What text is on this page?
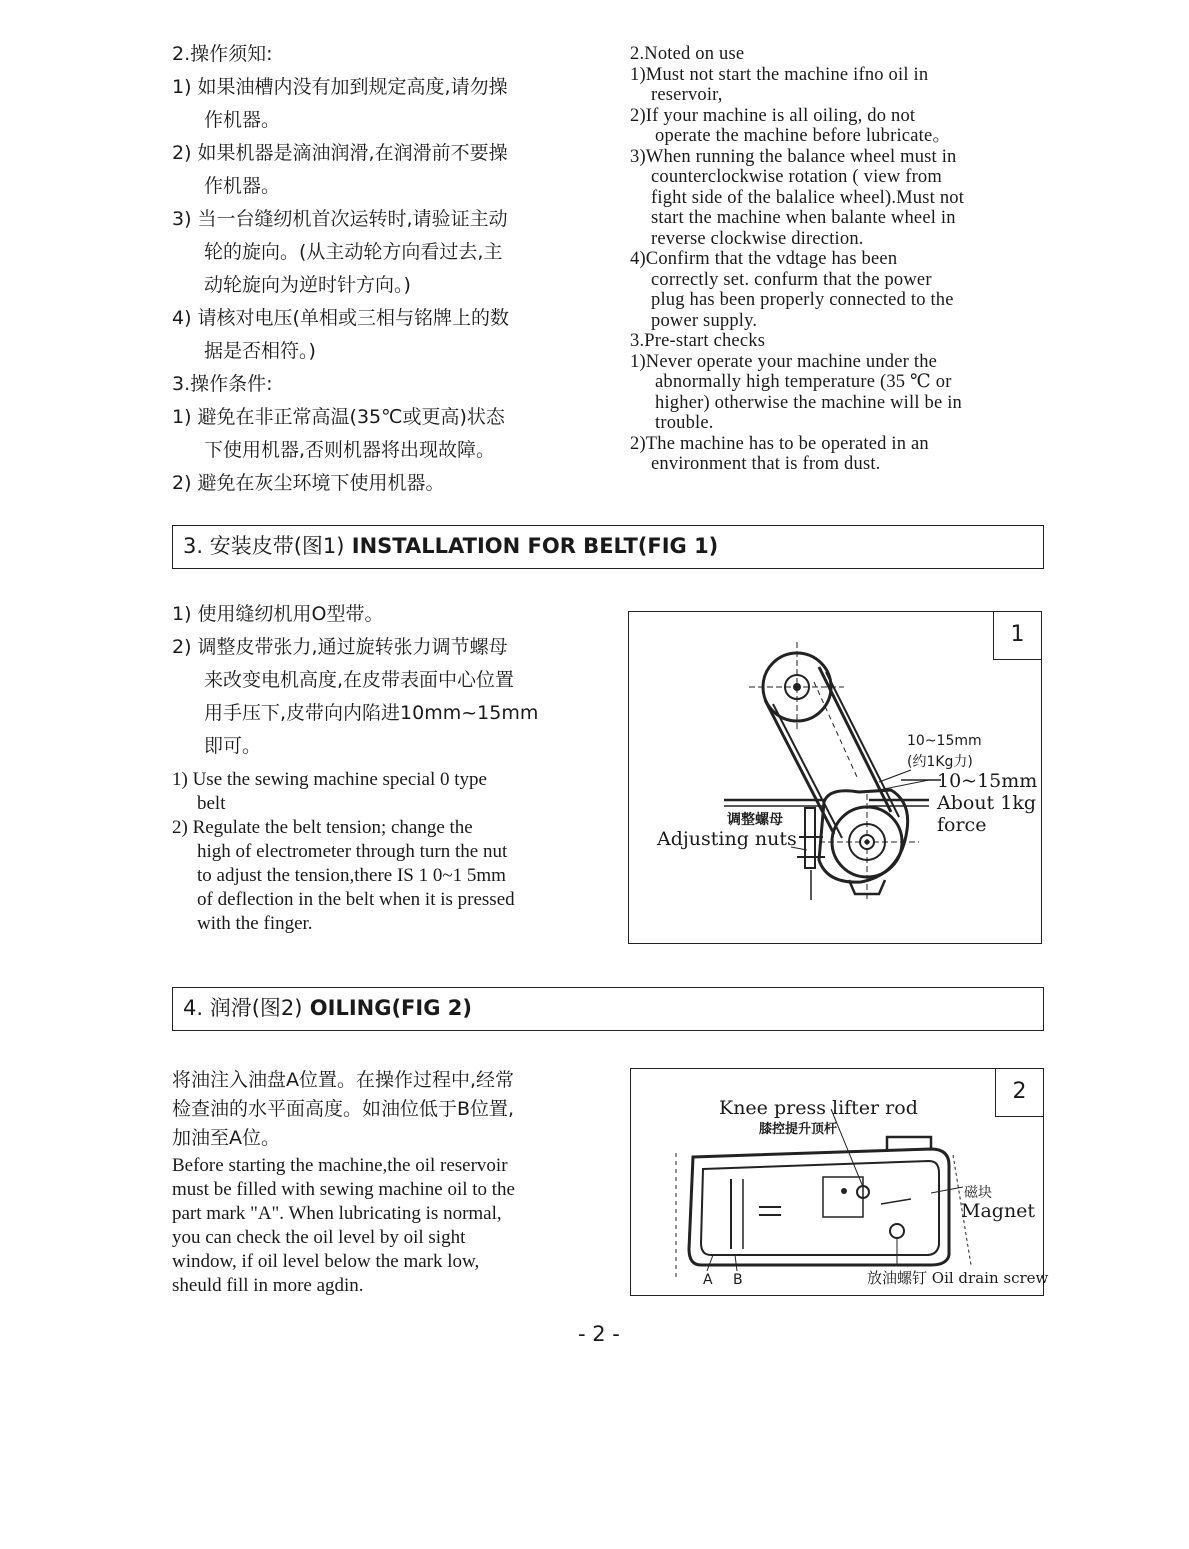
2.操作须知:
1) 如果油槽内没有加到规定高度,请勿操
作机器。
2) 如果机器是滴油润滑,在润滑前不要操
作机器。
3) 当一台缝纫机首次运转时,请验证主动
轮的旋向。(从主动轮方向看过去,主
动轮旋向为逆时针方向。)
4) 请核对电压(单相或三相与铭牌上的数
据是否相符。)
3.操作条件:
1) 避免在非正常高温(35℃或更高)状态
下使用机器,否则机器将出现故障。
2) 避免在灰尘环境下使用机器。
2.Noted on use
1)Must not start the machine ifno oil in
reservoir,
2)If your machine is all oiling, do not
operate the machine before lubricate。
3)When running the balance wheel must in
counterclockwise rotation ( view from
fight side of the balalice wheel).Must not
start the machine when balante wheel in
reverse clockwise direction.
4)Confirm that the vdtage has been
correctly set. confurm that the power
plug has been properly connected to the
power supply.
3.Pre-start checks
1)Never operate your machine under the
abnormally high temperature (35 ℃ or
higher) otherwise the machine will be in
trouble.
2)The machine has to be operated in an
environment that is from dust.
3. 安装皮带(图1) INSTALLATION FOR BELT(FIG 1)
1) 使用缝纫机用O型带。
2) 调整皮带张力,通过旋转张力调节螺母
来改变电机高度,在皮带表面中心位置
用手压下,皮带向内陷进10mm~15mm
即可。
1) Use the sewing machine special 0 type
belt
2) Regulate the belt tension; change the
high of electrometer through turn the nut
to adjust the tension,there IS 1 0~1 5mm
of deflection in the belt when it is pressed
with the finger.
1
10~15mm
(约1Kg力)
10~15mm
About 1kg
force
调整螺母
Adjusting nuts
4. 润滑(图2) OILING(FIG 2)
将油注入油盘A位置。在操作过程中,经常
检查油的水平面高度。如油位低于B位置,
加油至A位。
Before starting the machine,the oil reservoir
must be filled with sewing machine oil to the
part mark "A". When lubricating is normal,
you can check the oil level by oil sight
window, if oil level below the mark low,
sheuld fill in more agdin.
2
Knee press lifter rod
膝控提升顶杆
磁块
Magnet
A B	放油螺钉 Oil drain screw
- 2 -
